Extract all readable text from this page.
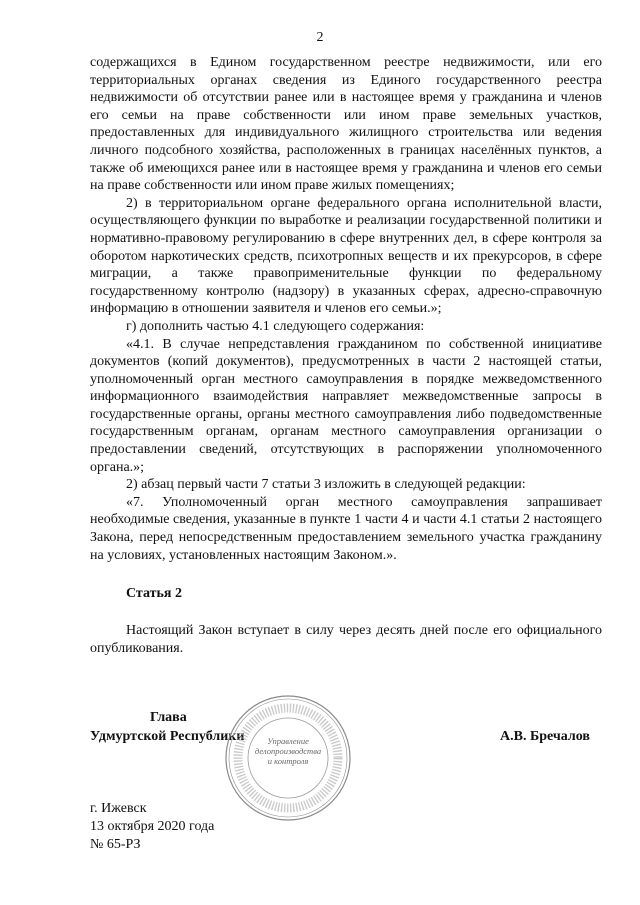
2

содержащихся в Едином государственном реестре недвижимости, или его территориальных органах сведения из Единого государственного реестра недвижимости об отсутствии ранее или в настоящее время у гражданина и членов его семьи на праве собственности или ином праве земельных участков, предоставленных для индивидуального жилищного строительства или ведения личного подсобного хозяйства, расположенных в границах населённых пунктов, а также об имеющихся ранее или в настоящее время у гражданина и членов его семьи на праве собственности или ином праве жилых помещениях;

2) в территориальном органе федерального органа исполнительной власти, осуществляющего функции по выработке и реализации государственной политики и нормативно-правовому регулированию в сфере внутренних дел, в сфере контроля за оборотом наркотических средств, психотропных веществ и их прекурсоров, в сфере миграции, а также правоприменительные функции по федеральному государственному контролю (надзору) в указанных сферах, адресно-справочную информацию в отношении заявителя и членов его семьи.»;

г) дополнить частью 4.1 следующего содержания:

«4.1. В случае непредставления гражданином по собственной инициативе документов (копий документов), предусмотренных в части 2 настоящей статьи, уполномоченный орган местного самоуправления в порядке межведомственного информационного взаимодействия направляет межведомственные запросы в государственные органы, органы местного самоуправления либо подведомственные государственным органам, органам местного самоуправления организации о предоставлении сведений, отсутствующих в распоряжении уполномоченного органа.»;

2) абзац первый части 7 статьи 3 изложить в следующей редакции:

«7. Уполномоченный орган местного самоуправления запрашивает необходимые сведения, указанные в пункте 1 части 4 и части 4.1 статьи 2 настоящего Закона, перед непосредственным предоставлением земельного участка гражданину на условиях, установленных настоящим Законом.».

Статья 2

Настоящий Закон вступает в силу через десять дней после его официального опубликования.

Глава
Удмуртской Республики	А.В. Бречалов
Управление
делопроизводства
и контроля
г. Ижевск
13 октября 2020 года
№ 65-РЗ
